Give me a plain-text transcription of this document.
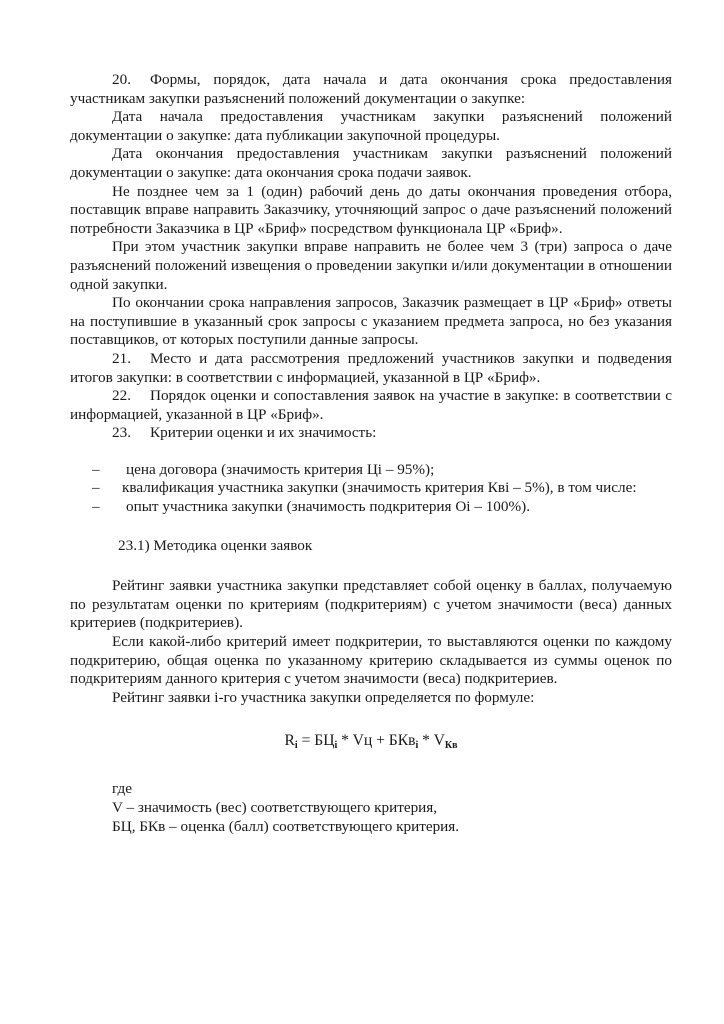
20. Формы, порядок, дата начала и дата окончания срока предоставления участникам закупки разъяснений положений документации о закупке:

Дата начала предоставления участникам закупки разъяснений положений документации о закупке: дата публикации закупочной процедуры.

Дата окончания предоставления участникам закупки разъяснений положений документации о закупке: дата окончания срока подачи заявок.

Не позднее чем за 1 (один) рабочий день до даты окончания проведения отбора, поставщик вправе направить Заказчику, уточняющий запрос о даче разъяснений положений потребности Заказчика в ЦР «Бриф» посредством функционала ЦР «Бриф».

При этом участник закупки вправе направить не более чем 3 (три) запроса о даче разъяснений положений извещения о проведении закупки и/или документации в отношении одной закупки.

По окончании срока направления запросов, Заказчик размещает в ЦР «Бриф» ответы на поступившие в указанный срок запросы с указанием предмета запроса, но без указания поставщиков, от которых поступили данные запросы.

21. Место и дата рассмотрения предложений участников закупки и подведения итогов закупки: в соответствии с информацией, указанной в ЦР «Бриф».

22. Порядок оценки и сопоставления заявок на участие в закупке: в соответствии с информацией, указанной в ЦР «Бриф».

23. Критерии оценки и их значимость:

– цена договора (значимость критерия Цi – 95%);
– квалификация участника закупки (значимость критерия Квi – 5%), в том числе:
– опыт участника закупки (значимость подкритерия Оi – 100%).
23.1) Методика оценки заявок

Рейтинг заявки участника закупки представляет собой оценку в баллах, получаемую по результатам оценки по критериям (подкритериям) с учетом значимости (веса) данных критериев (подкритериев).

Если какой-либо критерий имеет подкритерии, то выставляются оценки по каждому подкритерию, общая оценка по указанному критерию складывается из суммы оценок по подкритериям данного критерия с учетом значимости (веса) подкритериев.

Рейтинг заявки i-го участника закупки определяется по формуле:

$R_i = БЦ_i$ * Vц + $БКв_i * V_{Кв}$
где
V – значимость (вес) соответствующего критерия,
БЦ, БКв – оценка (балл) соответствующего критерия.
